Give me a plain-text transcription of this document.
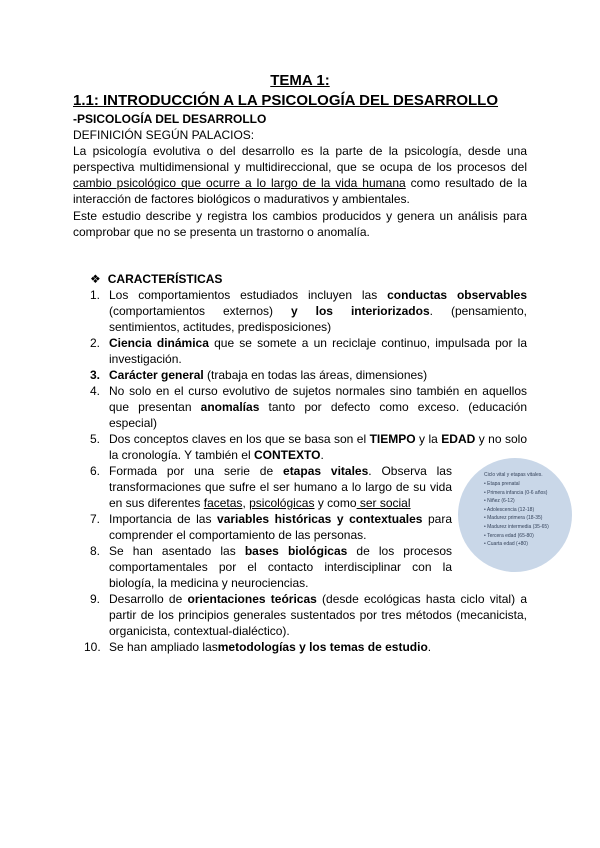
TEMA 1:
1.1: INTRODUCCIÓN A LA PSICOLOGÍA DEL DESARROLLO
-PSICOLOGÍA DEL DESARROLLO
DEFINICIÓN SEGÚN PALACIOS:
La psicología evolutiva o del desarrollo es la parte de la psicología, desde una perspectiva multidimensional y multidireccional, que se ocupa de los procesos del cambio psicológico que ocurre a lo largo de la vida humana como resultado de la interacción de factores biológicos o madurativos y ambientales.
Este estudio describe y registra los cambios producidos y genera un análisis para comprobar que no se presenta un trastorno o anomalía.
❖ CARACTERÍSTICAS
1. Los comportamientos estudiados incluyen las conductas observables (comportamientos externos) y los interiorizados. (pensamiento, sentimientos, actitudes, predisposiciones)
2. Ciencia dinámica que se somete a un reciclaje continuo, impulsada por la investigación.
3. Carácter general (trabaja en todas las áreas, dimensiones)
4. No solo en el curso evolutivo de sujetos normales sino también en aquellos que presentan anomalías tanto por defecto como exceso. (educación especial)
5. Dos conceptos claves en los que se basa son el TIEMPO y la EDAD y no solo la cronología. Y también el CONTEXTO.
6. Formada por una serie de etapas vitales. Observa las transformaciones que sufre el ser humano a lo largo de su vida en sus diferentes facetas, psicológicas y como ser social
7. Importancia de las variables históricas y contextuales para comprender el comportamiento de las personas.
8. Se han asentado las bases biológicas de los procesos comportamentales por el contacto interdisciplinar con la biología, la medicina y neurociencias.
9. Desarrollo de orientaciones teóricas (desde ecológicas hasta ciclo vital) a partir de los principios generales sustentados por tres métodos (mecanicista, organicista, contextual-dialéctico).
10. Se han ampliado lasmetodologías y los temas de estudio.
Ciclo vital y etapas vitales.
• Etapa prenatal
• Primera infancia (0-6 años)
• Niñez (6-12)
• Adolescencia (12-18)
• Madurez primera (18-35)
• Madurez intermedia (35-65)
• Tercera edad (65-80)
• Cuarta edad (+80)
